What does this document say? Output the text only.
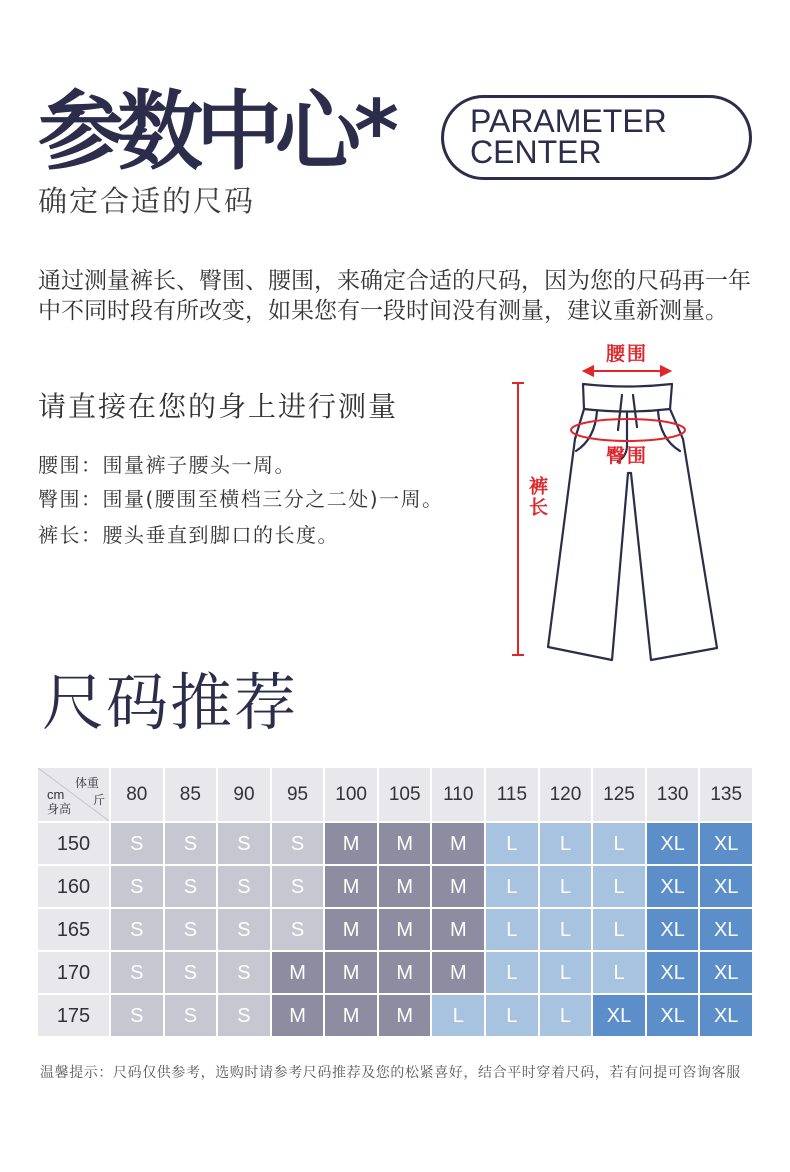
参数中心* PARAMETER
CENTER
确定合适的尺码
通过测量裤长、臀围、腰围，来确定合适的尺码，因为您的尺码再一年
中不同时段有所改变，如果您有一段时间没有测量，建议重新测量。
请直接在您的身上进行测量
腰围：围量裤子腰头一周。
臀围：围量(腰围至横档三分之二处)一周。
裤长：腰头垂直到脚口的长度。
腰围
臀围
裤长
尺码推荐
体重
斤
cm
身高
80	85	90	95	100	105	110	115	120	125	130	135
150	S	S	S	S	M	M	M	L	L	L	XL	XL
160	S	S	S	S	M	M	M	L	L	L	XL	XL
165	S	S	S	S	M	M	M	L	L	L	XL	XL
170	S	S	S	M	M	M	M	L	L	L	XL	XL
175	S	S	S	M	M	M	L	L	L	XL	XL	XL
温馨提示：尺码仅供参考，选购时请参考尺码推荐及您的松紧喜好，结合平时穿着尺码，若有问提可咨询客服
